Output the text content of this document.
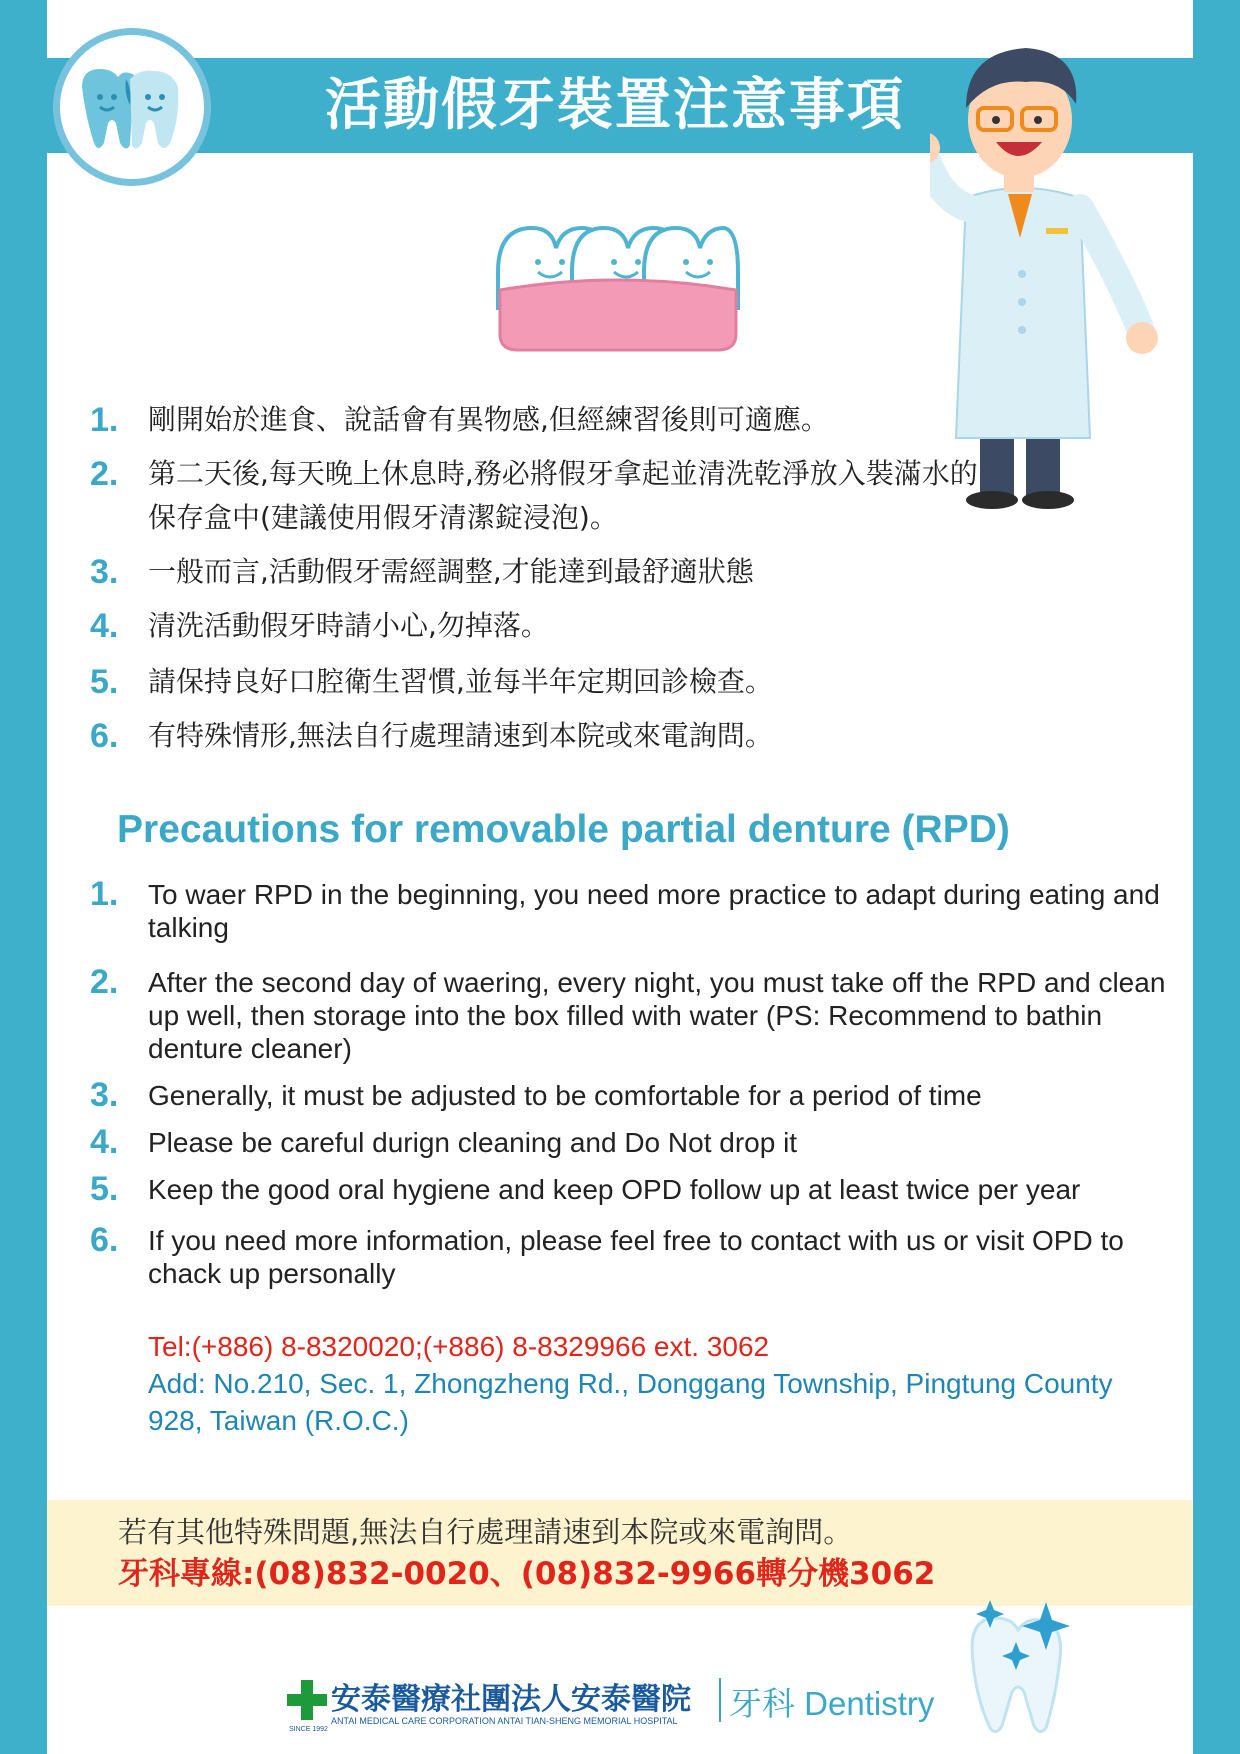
活動假牙裝置注意事項
1. 剛開始於進食、說話會有異物感,但經練習後則可適應。
2. 第二天後,每天晚上休息時,務必將假牙拿起並清洗乾淨放入裝滿水的保存盒中(建議使用假牙清潔錠浸泡)。
3. 一般而言,活動假牙需經調整,才能達到最舒適狀態
4. 清洗活動假牙時請小心,勿掉落。
5. 請保持良好口腔衛生習慣,並每半年定期回診檢查。
6. 有特殊情形,無法自行處理請速到本院或來電詢問。
Precautions for removable partial denture (RPD)
1. To waer RPD in the beginning, you need more practice to adapt during eating and talking
2. After the second day of waering, every night, you must take off the RPD and clean up well, then storage into the box filled with water (PS: Recommend to bathin denture cleaner)
3. Generally, it must be adjusted to be comfortable for a period of time
4. Please be careful durign cleaning and Do Not drop it
5. Keep the good oral hygiene and keep OPD follow up at least twice per year
6. If you need more information, please feel free to contact with us or visit OPD to chack up personally
Tel:(+886) 8-8320020;(+886) 8-8329966 ext. 3062
Add: No.210, Sec. 1, Zhongzheng Rd., Donggang Township, Pingtung County 928, Taiwan (R.O.C.)
若有其他特殊問題,無法自行處理請速到本院或來電詢問。
牙科專線:(08)832-0020、(08)832-9966轉分機3062
SINCE 1992
安泰醫療社團法人安泰醫院
ANTAI MEDICAL CARE CORPORATION ANTAI TIAN-SHENG MEMORIAL HOSPITAL 牙科 Dentistry
